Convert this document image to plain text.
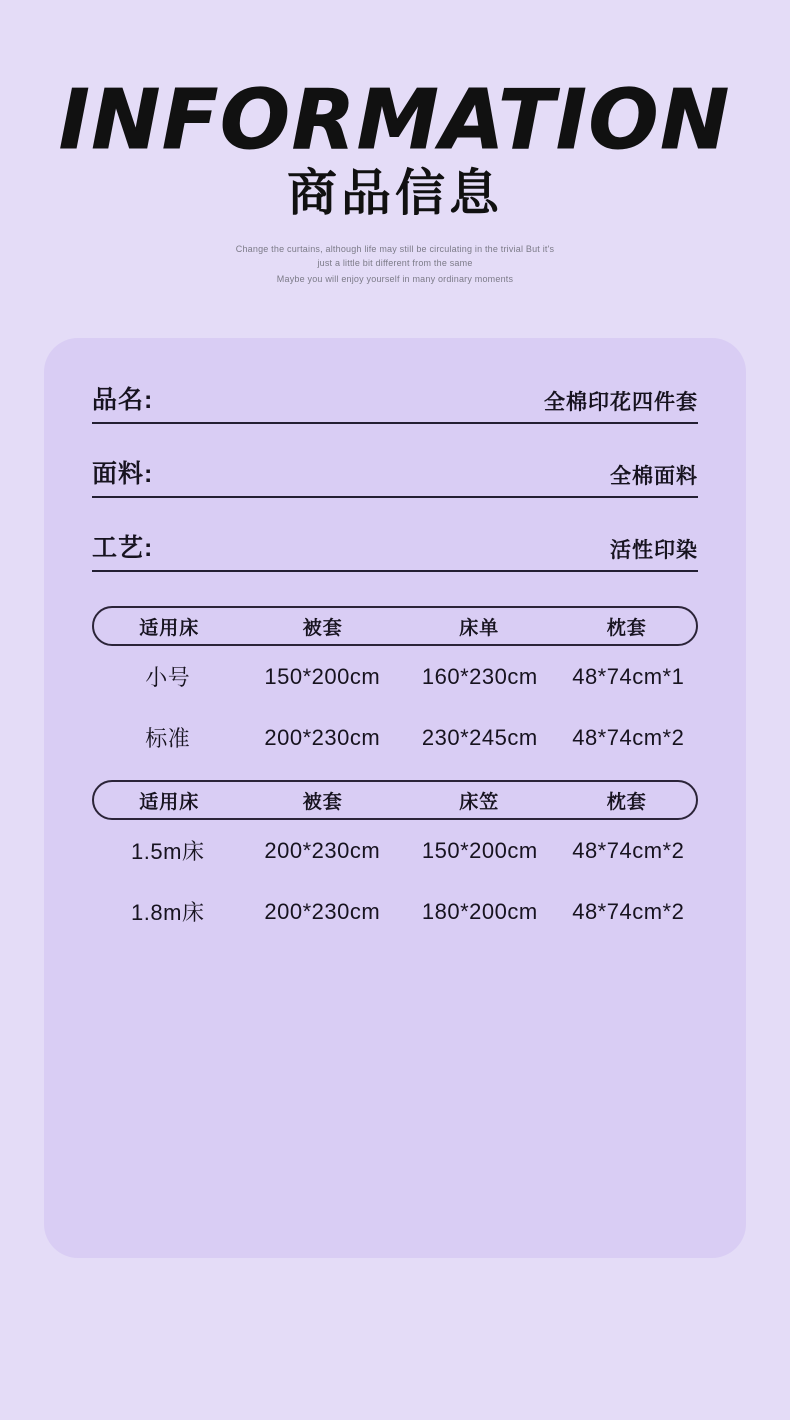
INFORMATION
商品信息
Change the curtains, although life may still be circulating in the trivial But it's just a little bit different from the same
Maybe you will enjoy yourself in many ordinary moments
品名:	全棉印花四件套
面料:	全棉面料
工艺:	活性印染
适用床	被套	床单	枕套
小号	150*200cm	160*230cm	48*74cm*1
标准	200*230cm	230*245cm	48*74cm*2
适用床	被套	床笠	枕套
1.5m床	200*230cm	150*200cm	48*74cm*2
1.8m床	200*230cm	180*200cm	48*74cm*2
